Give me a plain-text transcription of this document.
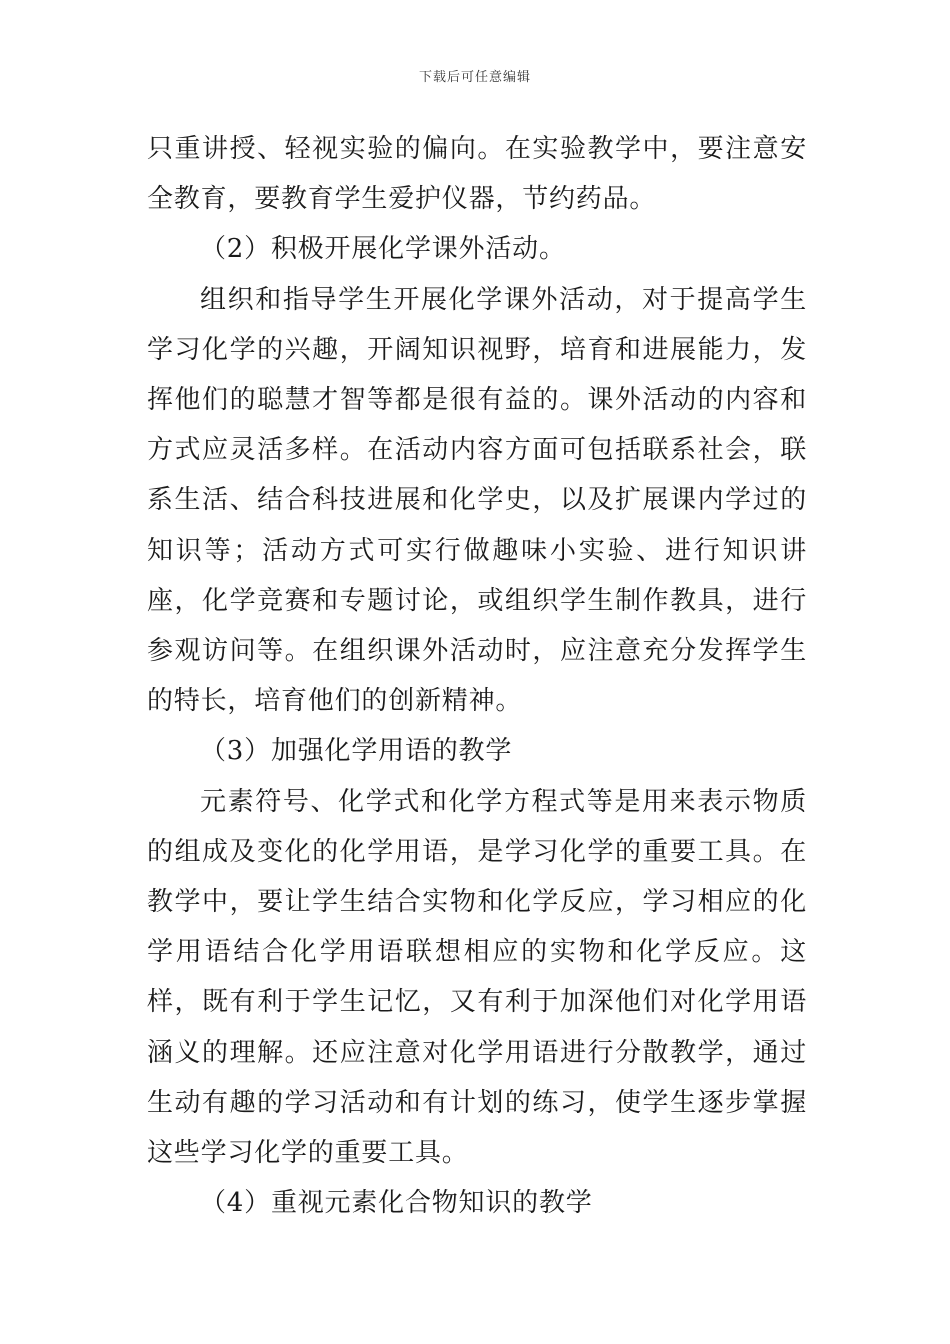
下载后可任意编辑

只重讲授、轻视实验的偏向。在实验教学中，要注意安全教育，要教育学生爱护仪器，节约药品。

（2）积极开展化学课外活动。

组织和指导学生开展化学课外活动，对于提高学生学习化学的兴趣，开阔知识视野，培育和进展能力，发挥他们的聪慧才智等都是很有益的。课外活动的内容和方式应灵活多样。在活动内容方面可包括联系社会，联系生活、结合科技进展和化学史，以及扩展课内学过的知识等；活动方式可实行做趣味小实验、进行知识讲座，化学竞赛和专题讨论，或组织学生制作教具，进行参观访问等。在组织课外活动时，应注意充分发挥学生的特长，培育他们的创新精神。

（3）加强化学用语的教学

元素符号、化学式和化学方程式等是用来表示物质的组成及变化的化学用语，是学习化学的重要工具。在教学中，要让学生结合实物和化学反应，学习相应的化学用语结合化学用语联想相应的实物和化学反应。这样，既有利于学生记忆，又有利于加深他们对化学用语涵义的理解。还应注意对化学用语进行分散教学，通过生动有趣的学习活动和有计划的练习，使学生逐步掌握这些学习化学的重要工具。

（4）重视元素化合物知识的教学
